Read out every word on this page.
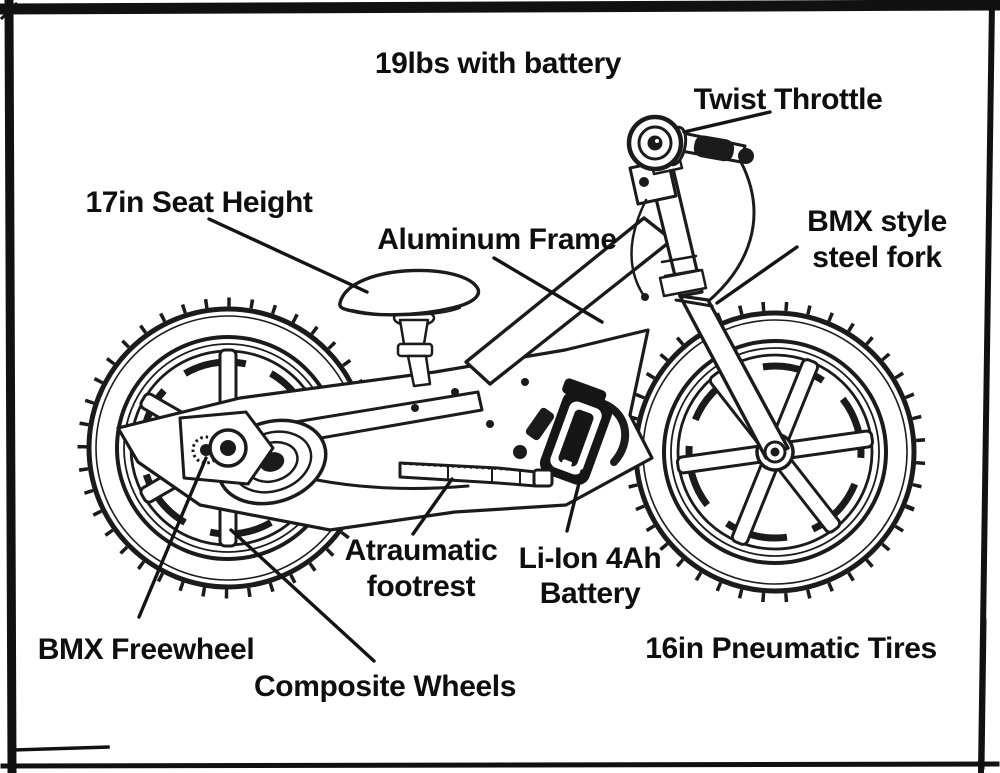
19lbs with battery
Twist Throttle
17in Seat Height
Aluminum Frame
BMX style
steel fork
Atraumatic
footrest
Li-Ion 4Ah
Battery
BMX Freewheel
Composite Wheels
16in Pneumatic Tires
